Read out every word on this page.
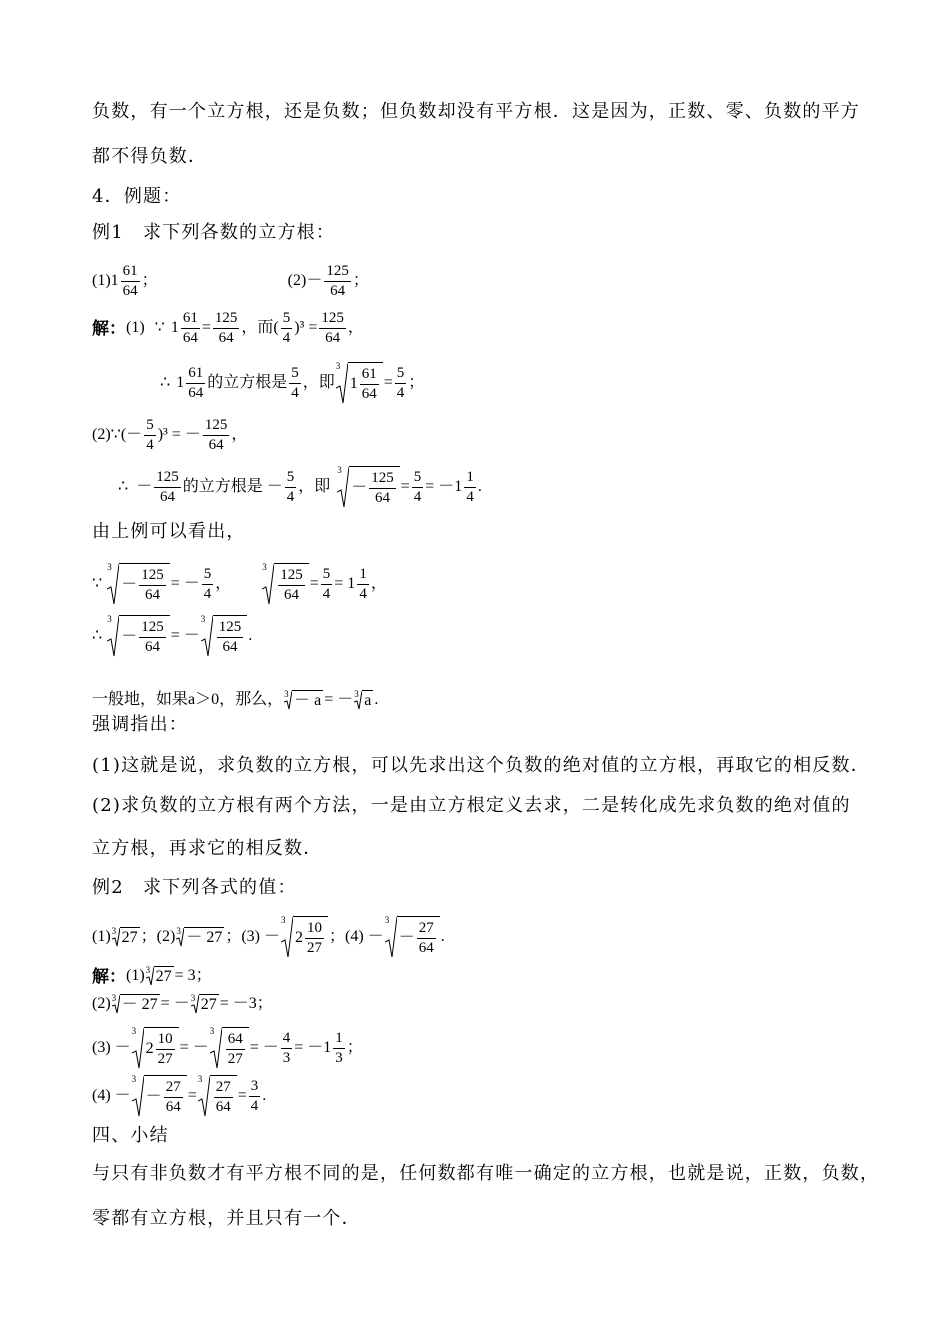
负数，有一个立方根，还是负数；但负数却没有平方根．这是因为，正数、零、负数的平方
都不得负数．
4．例题：
例1　求下列各数的立方根：
(1) $1 \frac{61}{64}$ ；	$(2) - \frac{125}{64}$ ；
解： (1) ∵ $1 \frac{61}{64} = \frac{125}{64}$ ，而( $\frac{5}{4} )^3 = \frac{125}{64}$ ，
∴ $1 \frac{61}{64}$ 的立方根是 $\frac{5}{4}$ ，即
3
$1 \frac{61}{64} = \frac{5}{4}$ ；
(2)∵ (－ $\frac{5}{4} )^3$ = － $\frac{125}{64}$ ，
∴ － $\frac{125}{64}$ 的立方根是 － $\frac{5}{4}$ ，即
3
－ $\frac{125}{64} = \frac{5}{4} = -1 \frac{1}{4}$ .
由上例可以看出，
∵
3
－ $\frac{125}{64}$ = － $\frac{5}{4}$ ，
$3 \frac{125}{64} = \frac{5}{4} = 1 \frac{1}{4}$ ，
∴
3
－ $\frac{125}{64}$ = －
$3 \frac{125}{64}$ .
一般地，如果a＞0，那么， 3 － a = － 3 a .
强调指出：
(1)这就是说，求负数的立方根，可以先求出这个负数的绝对值的立方根，再取它的相反数．
(2)求负数的立方根有两个方法，一是由立方根定义去求，二是转化成先求负数的绝对值的
立方根，再求它的相反数．
例2　求下列各式的值：
(1) 3 27 ；(2) 3 － 27 ；(3) －
3
$2 \frac{10}{27}$ ；(4) －
3
－ $\frac{27}{64}$ .
解： (1) 3 27 = 3；
(2) 3 － 27 = － 3 27 = －3；
(3) －
3
$2 \frac{10}{27}$ = －
$3 \frac{64}{27}$ = － $\frac{4}{3} = -1 \frac{1}{3}$ ；
(4) －
3
－ $\frac{27}{64}$ =
$3 \frac{27}{64} = \frac{3}{4}$ .
四、小结
与只有非负数才有平方根不同的是，任何数都有唯一确定的立方根，也就是说，正数，负数，
零都有立方根，并且只有一个．
